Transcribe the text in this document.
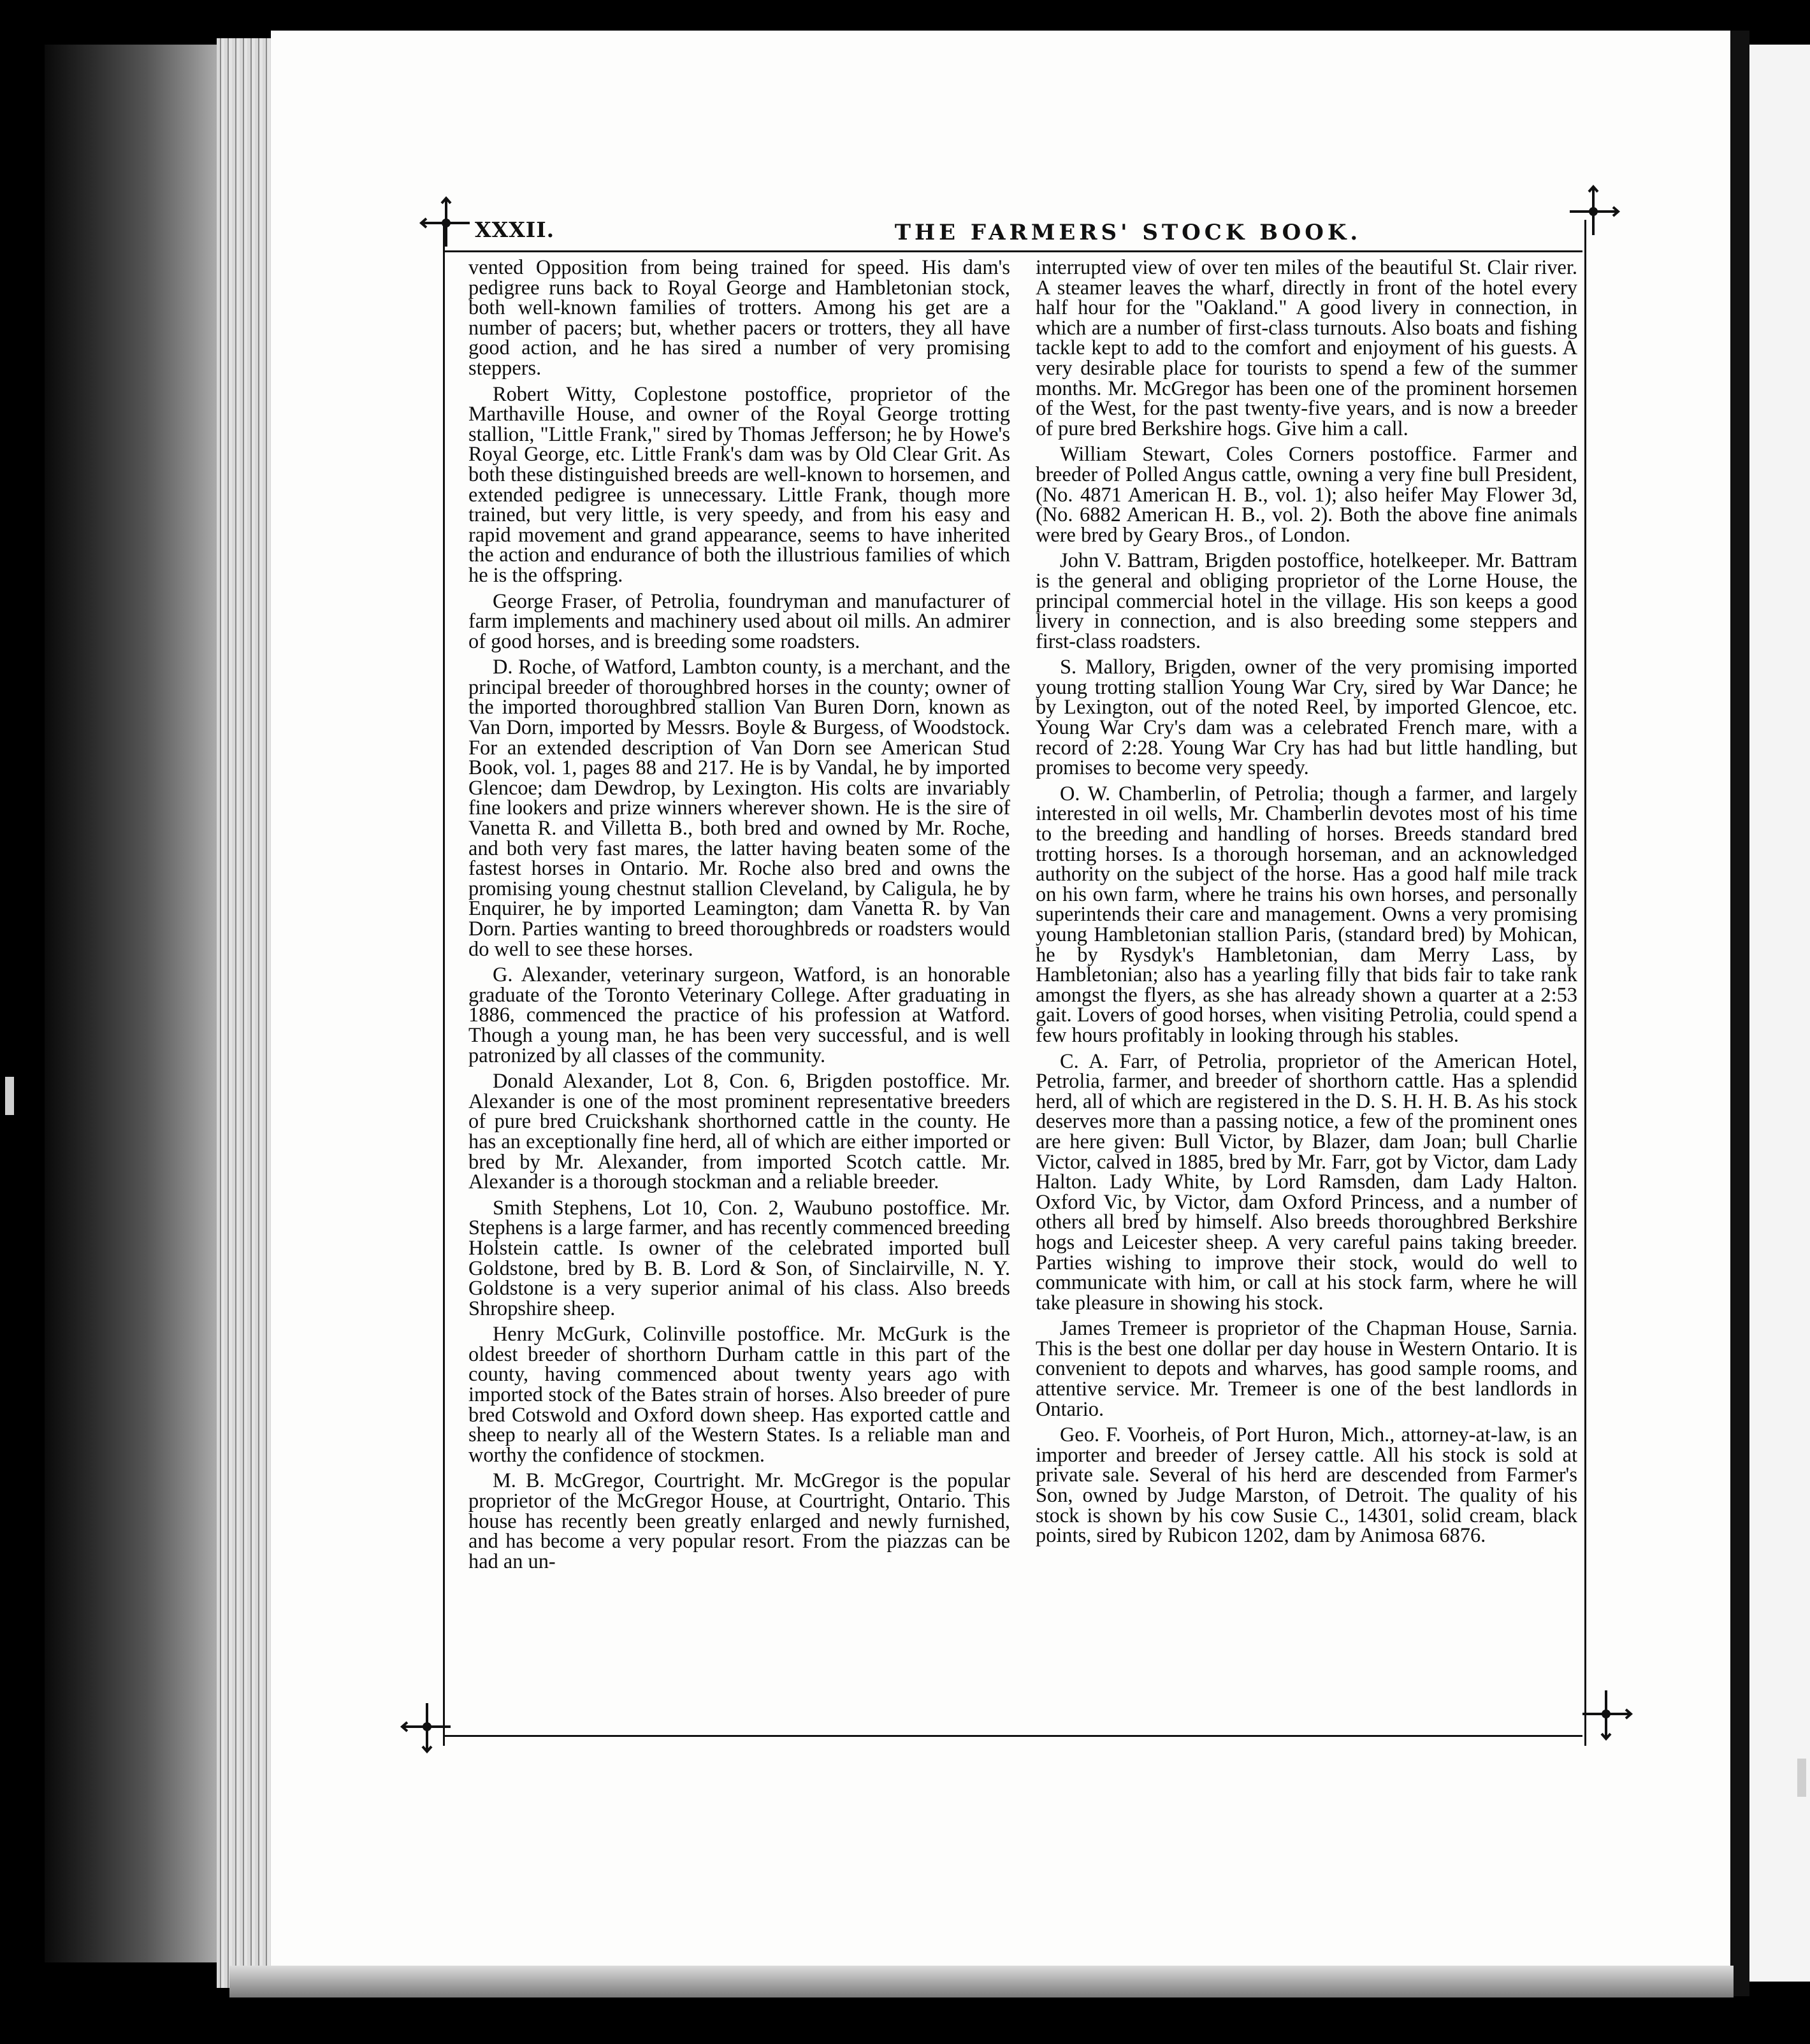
XXXII.	THE FARMERS' STOCK BOOK.

vented Opposition from being trained for speed. His dam's pedigree runs back to Royal George and Hambletonian stock, both well-known families of trotters. Among his get are a number of pacers; but, whether pacers or trotters, they all have good action, and he has sired a number of very promising steppers.

Robert Witty, Coplestone postoffice, proprietor of the Marthaville House, and owner of the Royal George trotting stallion, "Little Frank," sired by Thomas Jefferson; he by Howe's Royal George, etc. Little Frank's dam was by Old Clear Grit. As both these distinguished breeds are well-known to horsemen, and extended pedigree is unnecessary. Little Frank, though more trained, but very little, is very speedy, and from his easy and rapid movement and grand appearance, seems to have inherited the action and endurance of both the illustrious families of which he is the offspring.

George Fraser, of Petrolia, foundryman and manufacturer of farm implements and machinery used about oil mills. An admirer of good horses, and is breeding some roadsters.

D. Roche, of Watford, Lambton county, is a merchant, and the principal breeder of thoroughbred horses in the county; owner of the imported thoroughbred stallion Van Buren Dorn, known as Van Dorn, imported by Messrs. Boyle & Burgess, of Woodstock. For an extended description of Van Dorn see American Stud Book, vol. 1, pages 88 and 217. He is by Vandal, he by imported Glencoe; dam Dewdrop, by Lexington. His colts are invariably fine lookers and prize winners wherever shown. He is the sire of Vanetta R. and Villetta B., both bred and owned by Mr. Roche, and both very fast mares, the latter having beaten some of the fastest horses in Ontario. Mr. Roche also bred and owns the promising young chestnut stallion Cleveland, by Caligula, he by Enquirer, he by imported Leamington; dam Vanetta R. by Van Dorn. Parties wanting to breed thoroughbreds or roadsters would do well to see these horses.

G. Alexander, veterinary surgeon, Watford, is an honorable graduate of the Toronto Veterinary College. After graduating in 1886, commenced the practice of his profession at Watford. Though a young man, he has been very successful, and is well patronized by all classes of the community.

Donald Alexander, Lot 8, Con. 6, Brigden postoffice. Mr. Alexander is one of the most prominent representative breeders of pure bred Cruickshank shorthorned cattle in the county. He has an exceptionally fine herd, all of which are either imported or bred by Mr. Alexander, from imported Scotch cattle. Mr. Alexander is a thorough stockman and a reliable breeder.

Smith Stephens, Lot 10, Con. 2, Waubuno postoffice. Mr. Stephens is a large farmer, and has recently commenced breeding Holstein cattle. Is owner of the celebrated imported bull Goldstone, bred by B. B. Lord & Son, of Sinclairville, N. Y. Goldstone is a very superior animal of his class. Also breeds Shropshire sheep.

Henry McGurk, Colinville postoffice. Mr. McGurk is the oldest breeder of shorthorn Durham cattle in this part of the county, having commenced about twenty years ago with imported stock of the Bates strain of horses. Also breeder of pure bred Cotswold and Oxford down sheep. Has exported cattle and sheep to nearly all of the Western States. Is a reliable man and worthy the confidence of stockmen.

M. B. McGregor, Courtright. Mr. McGregor is the popular proprietor of the McGregor House, at Courtright, Ontario. This house has recently been greatly enlarged and newly furnished, and has become a very popular resort. From the piazzas can be had an un-

interrupted view of over ten miles of the beautiful St. Clair river. A steamer leaves the wharf, directly in front of the hotel every half hour for the "Oakland." A good livery in connection, in which are a number of first-class turnouts. Also boats and fishing tackle kept to add to the comfort and enjoyment of his guests. A very desirable place for tourists to spend a few of the summer months. Mr. McGregor has been one of the prominent horsemen of the West, for the past twenty-five years, and is now a breeder of pure bred Berkshire hogs. Give him a call.

William Stewart, Coles Corners postoffice. Farmer and breeder of Polled Angus cattle, owning a very fine bull President, (No. 4871 American H. B., vol. 1); also heifer May Flower 3d, (No. 6882 American H. B., vol. 2). Both the above fine animals were bred by Geary Bros., of London.

John V. Battram, Brigden postoffice, hotelkeeper. Mr. Battram is the general and obliging proprietor of the Lorne House, the principal commercial hotel in the village. His son keeps a good livery in connection, and is also breeding some steppers and first-class roadsters.

S. Mallory, Brigden, owner of the very promising imported young trotting stallion Young War Cry, sired by War Dance; he by Lexington, out of the noted Reel, by imported Glencoe, etc. Young War Cry's dam was a celebrated French mare, with a record of 2:28. Young War Cry has had but little handling, but promises to become very speedy.

O. W. Chamberlin, of Petrolia; though a farmer, and largely interested in oil wells, Mr. Chamberlin devotes most of his time to the breeding and handling of horses. Breeds standard bred trotting horses. Is a thorough horseman, and an acknowledged authority on the subject of the horse. Has a good half mile track on his own farm, where he trains his own horses, and personally superintends their care and management. Owns a very promising young Hambletonian stallion Paris, (standard bred) by Mohican, he by Rysdyk's Hambletonian, dam Merry Lass, by Hambletonian; also has a yearling filly that bids fair to take rank amongst the flyers, as she has already shown a quarter at a 2:53 gait. Lovers of good horses, when visiting Petrolia, could spend a few hours profitably in looking through his stables.

C. A. Farr, of Petrolia, proprietor of the American Hotel, Petrolia, farmer, and breeder of shorthorn cattle. Has a splendid herd, all of which are registered in the D. S. H. H. B. As his stock deserves more than a passing notice, a few of the prominent ones are here given: Bull Victor, by Blazer, dam Joan; bull Charlie Victor, calved in 1885, bred by Mr. Farr, got by Victor, dam Lady Halton. Lady White, by Lord Ramsden, dam Lady Halton. Oxford Vic, by Victor, dam Oxford Princess, and a number of others all bred by himself. Also breeds thoroughbred Berkshire hogs and Leicester sheep. A very careful pains taking breeder. Parties wishing to improve their stock, would do well to communicate with him, or call at his stock farm, where he will take pleasure in showing his stock.

James Tremeer is proprietor of the Chapman House, Sarnia. This is the best one dollar per day house in Western Ontario. It is convenient to depots and wharves, has good sample rooms, and attentive service. Mr. Tremeer is one of the best landlords in Ontario.

Geo. F. Voorheis, of Port Huron, Mich., attorney-at-law, is an importer and breeder of Jersey cattle. All his stock is sold at private sale. Several of his herd are descended from Farmer's Son, owned by Judge Marston, of Detroit. The quality of his stock is shown by his cow Susie C., 14301, solid cream, black points, sired by Rubicon 1202, dam by Animosa 6876.
